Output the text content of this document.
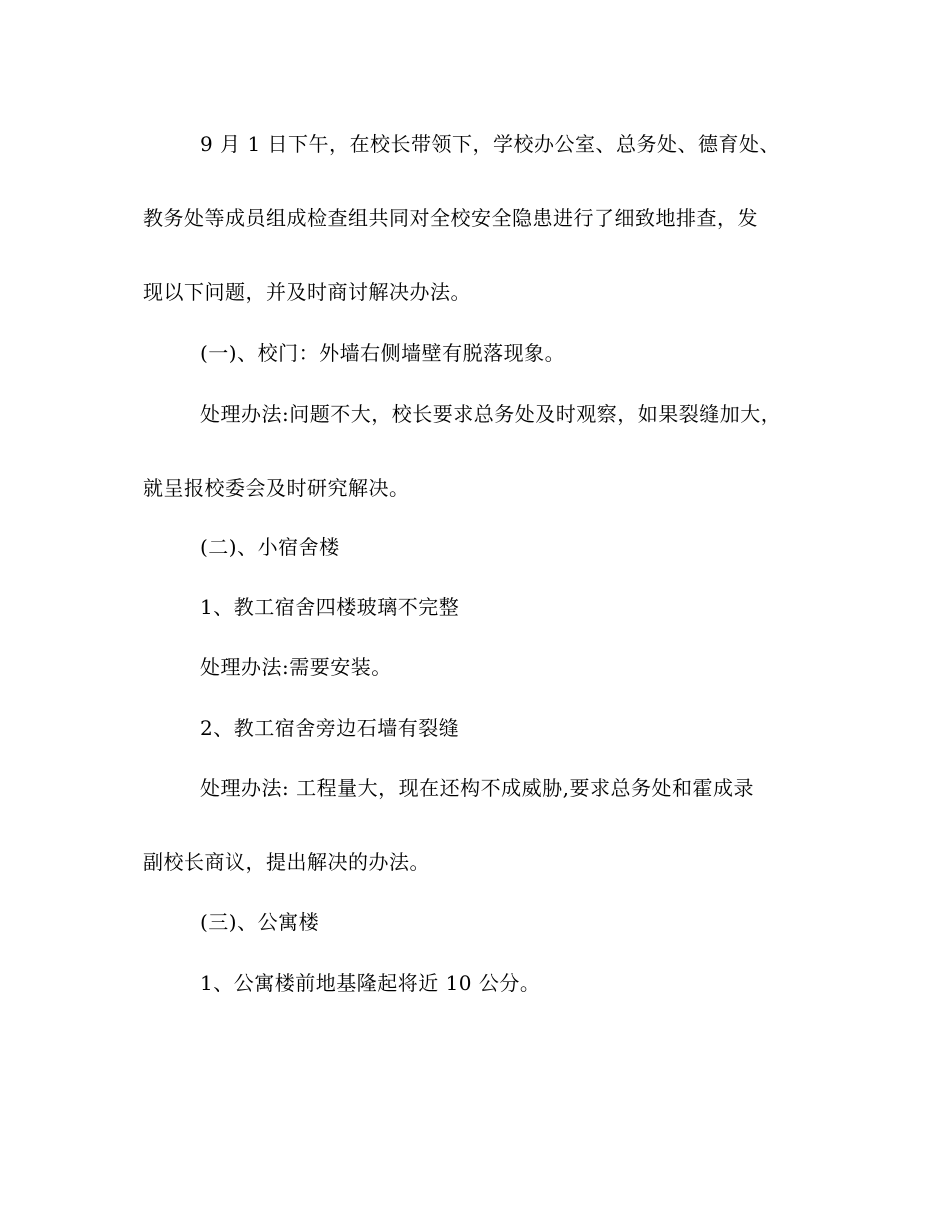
9 月 1 日下午，在校长带领下，学校办公室、总务处、德育处、
教务处等成员组成检查组共同对全校安全隐患进行了细致地排查，发
现以下问题，并及时商讨解决办法。
(一)、校门：外墙右侧墙壁有脱落现象。
处理办法:问题不大，校长要求总务处及时观察，如果裂缝加大，
就呈报校委会及时研究解决。
(二)、小宿舍楼
1、教工宿舍四楼玻璃不完整
处理办法:需要安装。
2、教工宿舍旁边石墙有裂缝
处理办法: 工程量大，现在还构不成威胁,要求总务处和霍成录
副校长商议，提出解决的办法。
(三)、公寓楼
1、公寓楼前地基隆起将近 10 公分。
